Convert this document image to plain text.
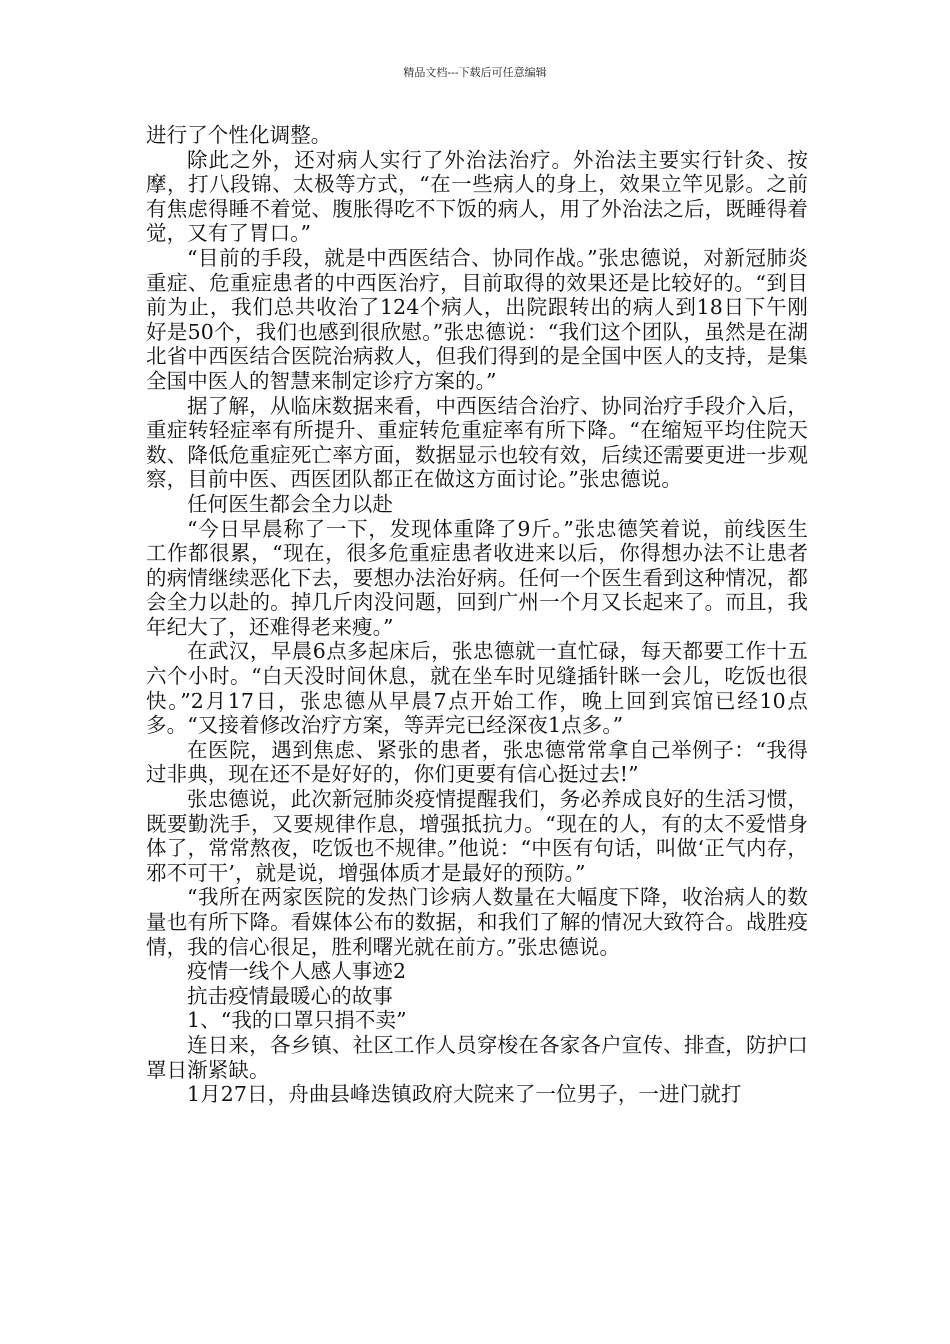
精品文档---下载后可任意编辑

进行了个性化调整。

除此之外，还对病人实行了外治法治疗。外治法主要实行针灸、按摩，打八段锦、太极等方式，“在一些病人的身上，效果立竿见影。之前有焦虑得睡不着觉、腹胀得吃不下饭的病人，用了外治法之后，既睡得着觉，又有了胃口。”

“目前的手段，就是中西医结合、协同作战。”张忠德说，对新冠肺炎重症、危重症患者的中西医治疗，目前取得的效果还是比较好的。“到目前为止，我们总共收治了124个病人，出院跟转出的病人到18日下午刚好是50个，我们也感到很欣慰。”张忠德说：“我们这个团队，虽然是在湖北省中西医结合医院治病救人，但我们得到的是全国中医人的支持，是集全国中医人的智慧来制定诊疗方案的。”

据了解，从临床数据来看，中西医结合治疗、协同治疗手段介入后，重症转轻症率有所提升、重症转危重症率有所下降。“在缩短平均住院天数、降低危重症死亡率方面，数据显示也较有效，后续还需要更进一步观察，目前中医、西医团队都正在做这方面讨论。”张忠德说。

任何医生都会全力以赴

“今日早晨称了一下，发现体重降了9斤。”张忠德笑着说，前线医生工作都很累，“现在，很多危重症患者收进来以后，你得想办法不让患者的病情继续恶化下去，要想办法治好病。任何一个医生看到这种情况，都会全力以赴的。掉几斤肉没问题，回到广州一个月又长起来了。而且，我年纪大了，还难得老来瘦。”

在武汉，早晨6点多起床后，张忠德就一直忙碌，每天都要工作十五六个小时。“白天没时间休息，就在坐车时见缝插针眯一会儿，吃饭也很快。”2月17日，张忠德从早晨7点开始工作，晚上回到宾馆已经10点多。“又接着修改治疗方案，等弄完已经深夜1点多。”

在医院，遇到焦虑、紧张的患者，张忠德常常拿自己举例子：“我得过非典，现在还不是好好的，你们更要有信心挺过去!”

张忠德说，此次新冠肺炎疫情提醒我们，务必养成良好的生活习惯，既要勤洗手，又要规律作息，增强抵抗力。“现在的人，有的太不爱惜身体了，常常熬夜，吃饭也不规律。”他说：“中医有句话，叫做‘正气内存，邪不可干’，就是说，增强体质才是最好的预防。”

“我所在两家医院的发热门诊病人数量在大幅度下降，收治病人的数量也有所下降。看媒体公布的数据，和我们了解的情况大致符合。战胜疫情，我的信心很足，胜利曙光就在前方。”张忠德说。

疫情一线个人感人事迹2

抗击疫情最暖心的故事

1、“我的口罩只捐不卖”

连日来，各乡镇、社区工作人员穿梭在各家各户宣传、排查，防护口罩日渐紧缺。

1月27日，舟曲县峰迭镇政府大院来了一位男子，一进门就打
